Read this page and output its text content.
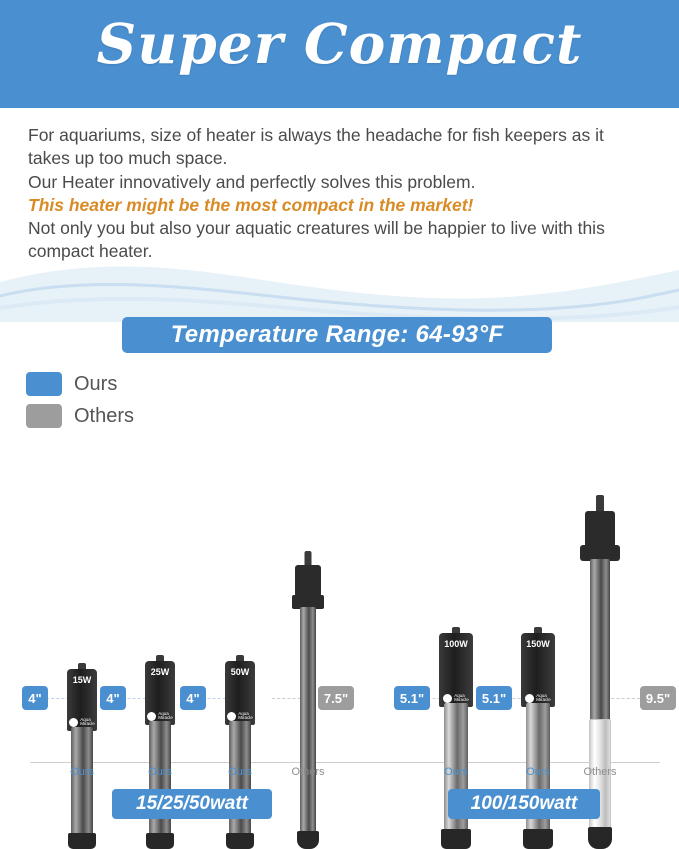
Super Compact
For aquariums, size of heater is always the headache for fish keepers as it
takes up too much space.
Our Heater innovatively and perfectly solves this problem.
This heater might be the most compact in the market!
Not only you but also your aquatic creatures will be happier to live with this
compact heater.
Temperature Range: 64-93°F
Ours
Others
15W
Aqua
Miracle
4"
Ours
25W
Aqua
Miracle
4"
Ours
50W
Aqua
Miracle
4"
Ours
7.5"
Others
100W
Aqua
Miracle
5.1"
Ours
150W
Aqua
Miracle
5.1"
Ours
9.5"
Others
15/25/50watt	100/150watt
